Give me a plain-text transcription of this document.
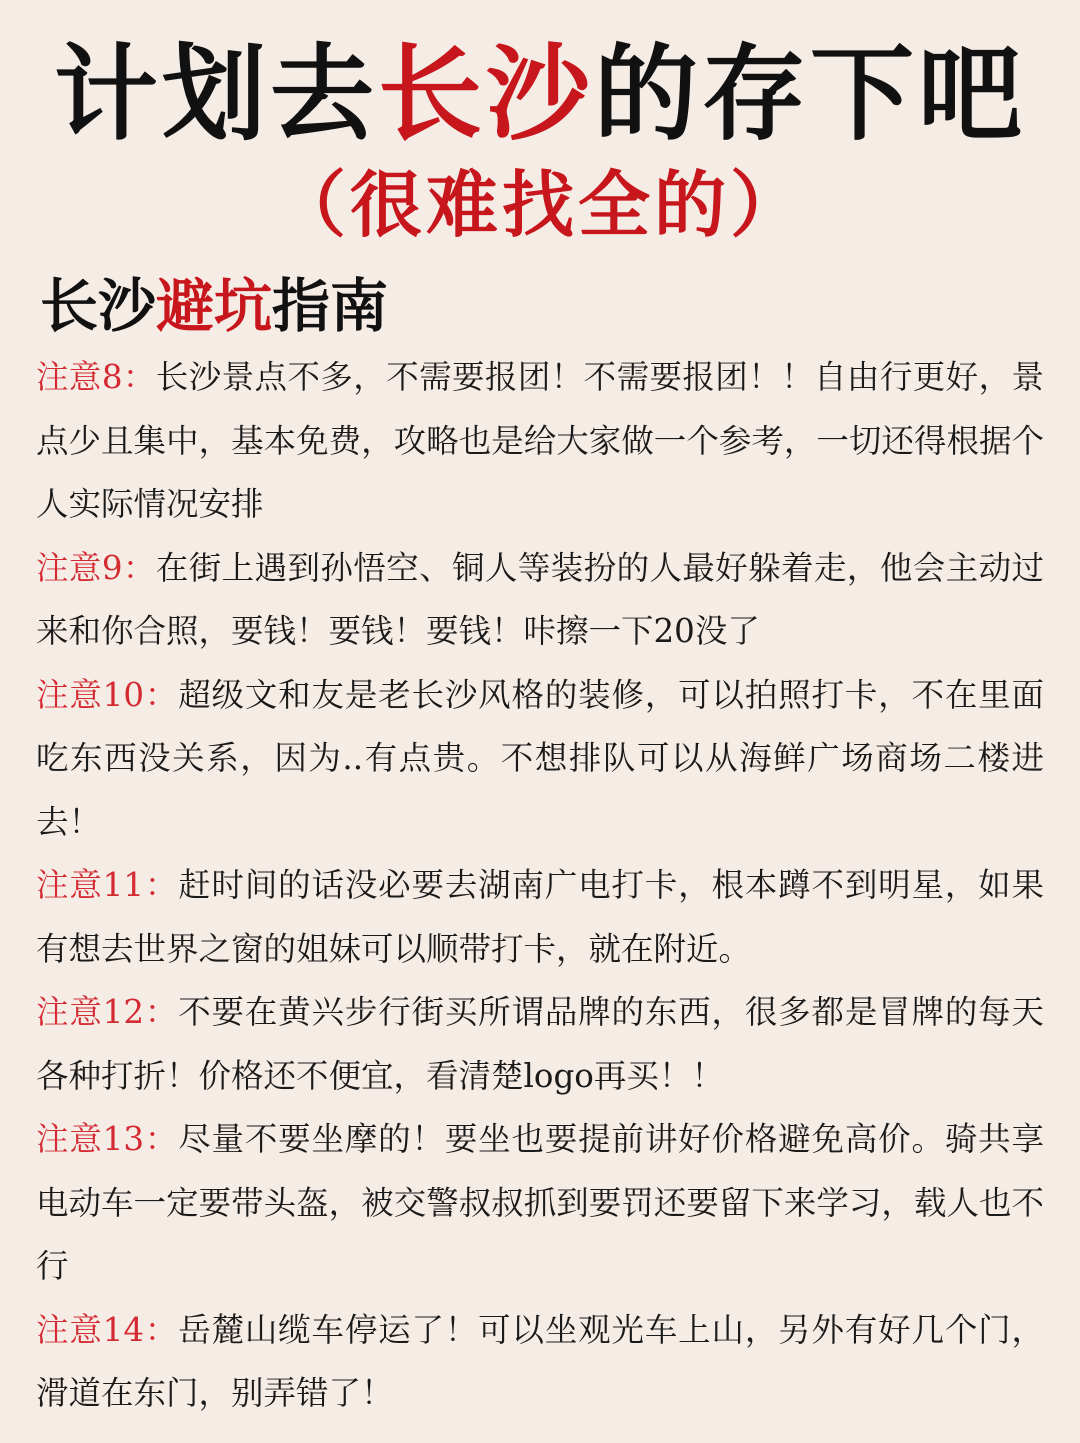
计划去长沙的存下吧
（很难找全的）
长沙避坑指南

注意8：长沙景点不多，不需要报团！不需要报团！！自由行更好，景点少且集中，基本免费，攻略也是给大家做一个参考，一切还得根据个人实际情况安排

注意9：在街上遇到孙悟空、铜人等装扮的人最好躲着走，他会主动过来和你合照，要钱！要钱！要钱！咔擦一下20没了

注意10：超级文和友是老长沙风格的装修，可以拍照打卡，不在里面吃东西没关系，因为..有点贵。不想排队可以从海鲜广场商场二楼进去！

注意11：赶时间的话没必要去湖南广电打卡，根本蹲不到明星，如果有想去世界之窗的姐妹可以顺带打卡，就在附近。

注意12：不要在黄兴步行街买所谓品牌的东西，很多都是冒牌的每天各种打折！价格还不便宜，看清楚logo再买！！

注意13：尽量不要坐摩的！要坐也要提前讲好价格避免高价。骑共享电动车一定要带头盔，被交警叔叔抓到要罚还要留下来学习，载人也不行

注意14：岳麓山缆车停运了！可以坐观光车上山，另外有好几个门，滑道在东门，别弄错了！
